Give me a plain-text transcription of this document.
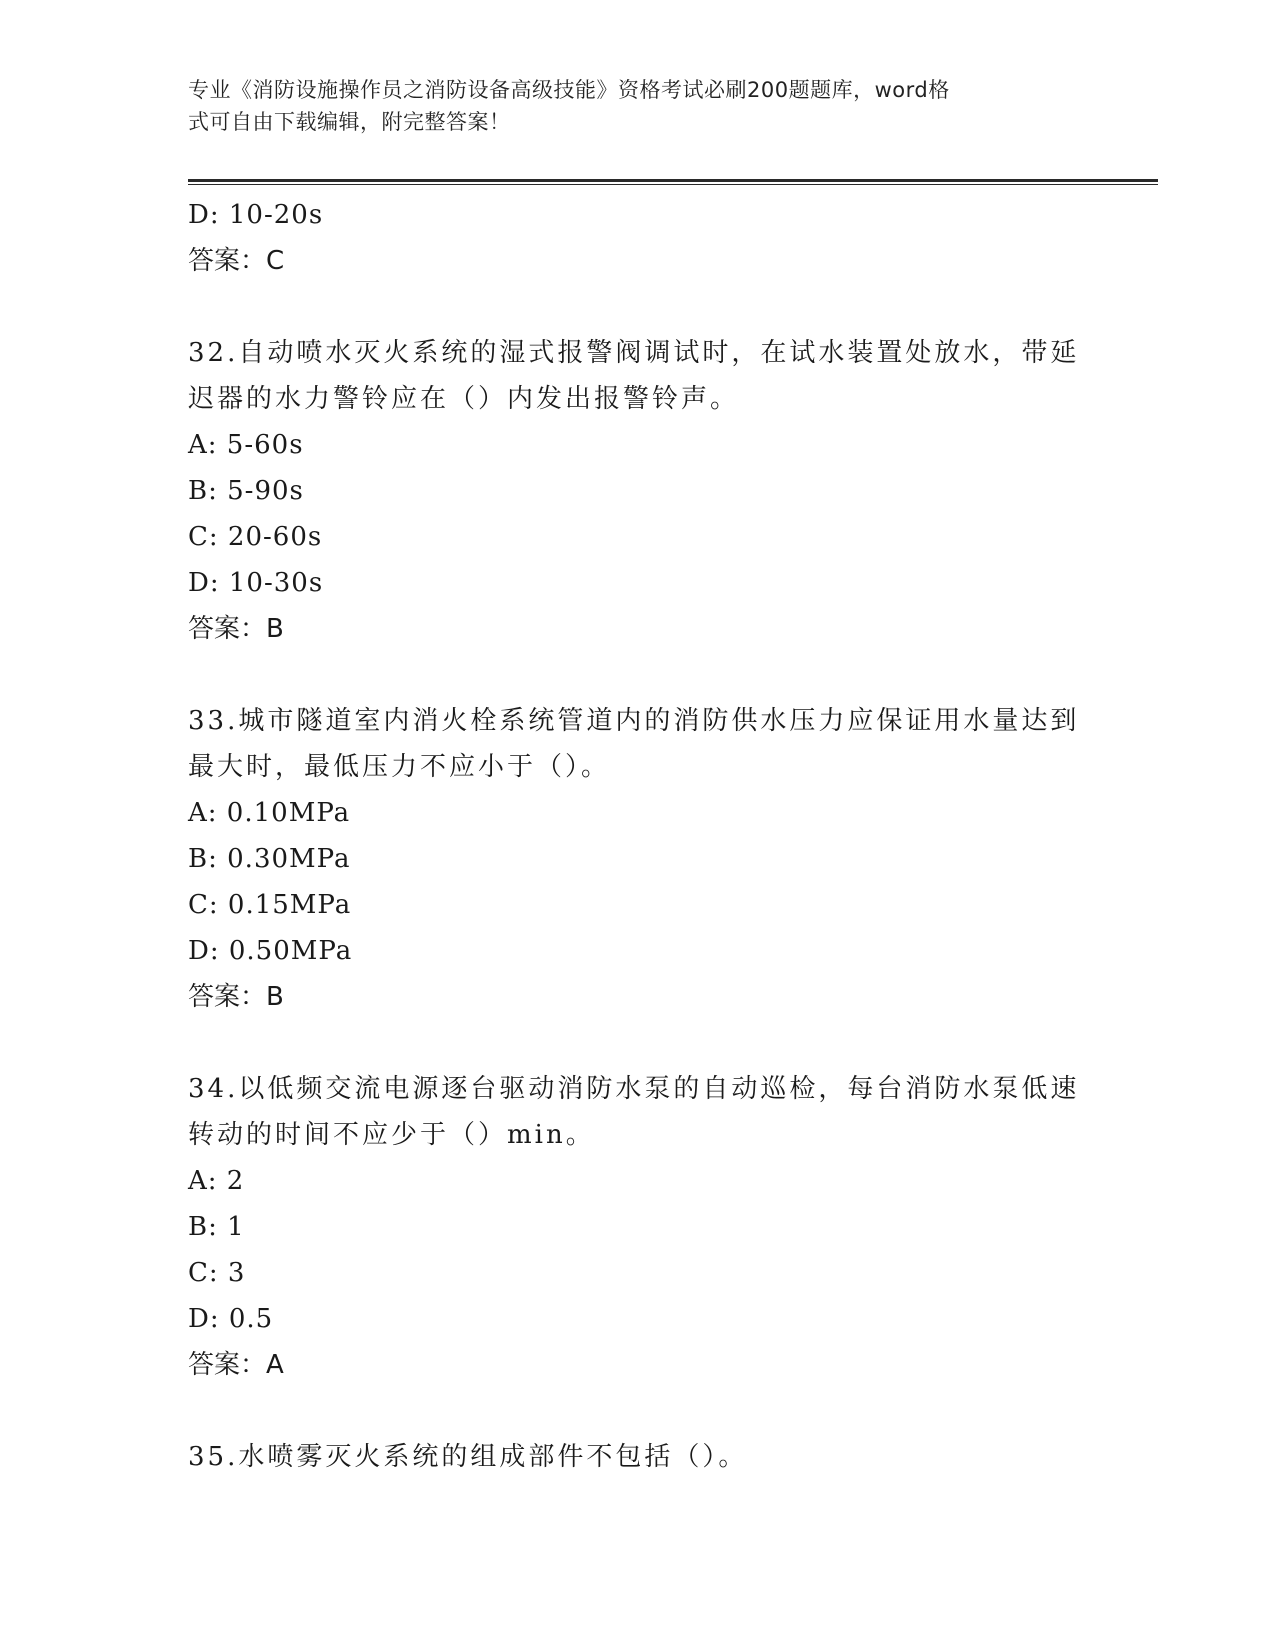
专业《消防设施操作员之消防设备高级技能》资格考试必刷200题题库，word格
式可自由下载编辑，附完整答案！
D: 10-20s
答案：C
32.自动喷水灭火系统的湿式报警阀调试时，在试水装置处放水，带延
迟器的水力警铃应在（）内发出报警铃声。
A: 5-60s
B: 5-90s
C: 20-60s
D: 10-30s
答案：B
33.城市隧道室内消火栓系统管道内的消防供水压力应保证用水量达到
最大时，最低压力不应小于（）。
A: 0.10MPa
B: 0.30MPa
C: 0.15MPa
D: 0.50MPa
答案：B
34.以低频交流电源逐台驱动消防水泵的自动巡检，每台消防水泵低速
转动的时间不应少于（）min。
A: 2
B: 1
C: 3
D: 0.5
答案：A
35.水喷雾灭火系统的组成部件不包括（）。
